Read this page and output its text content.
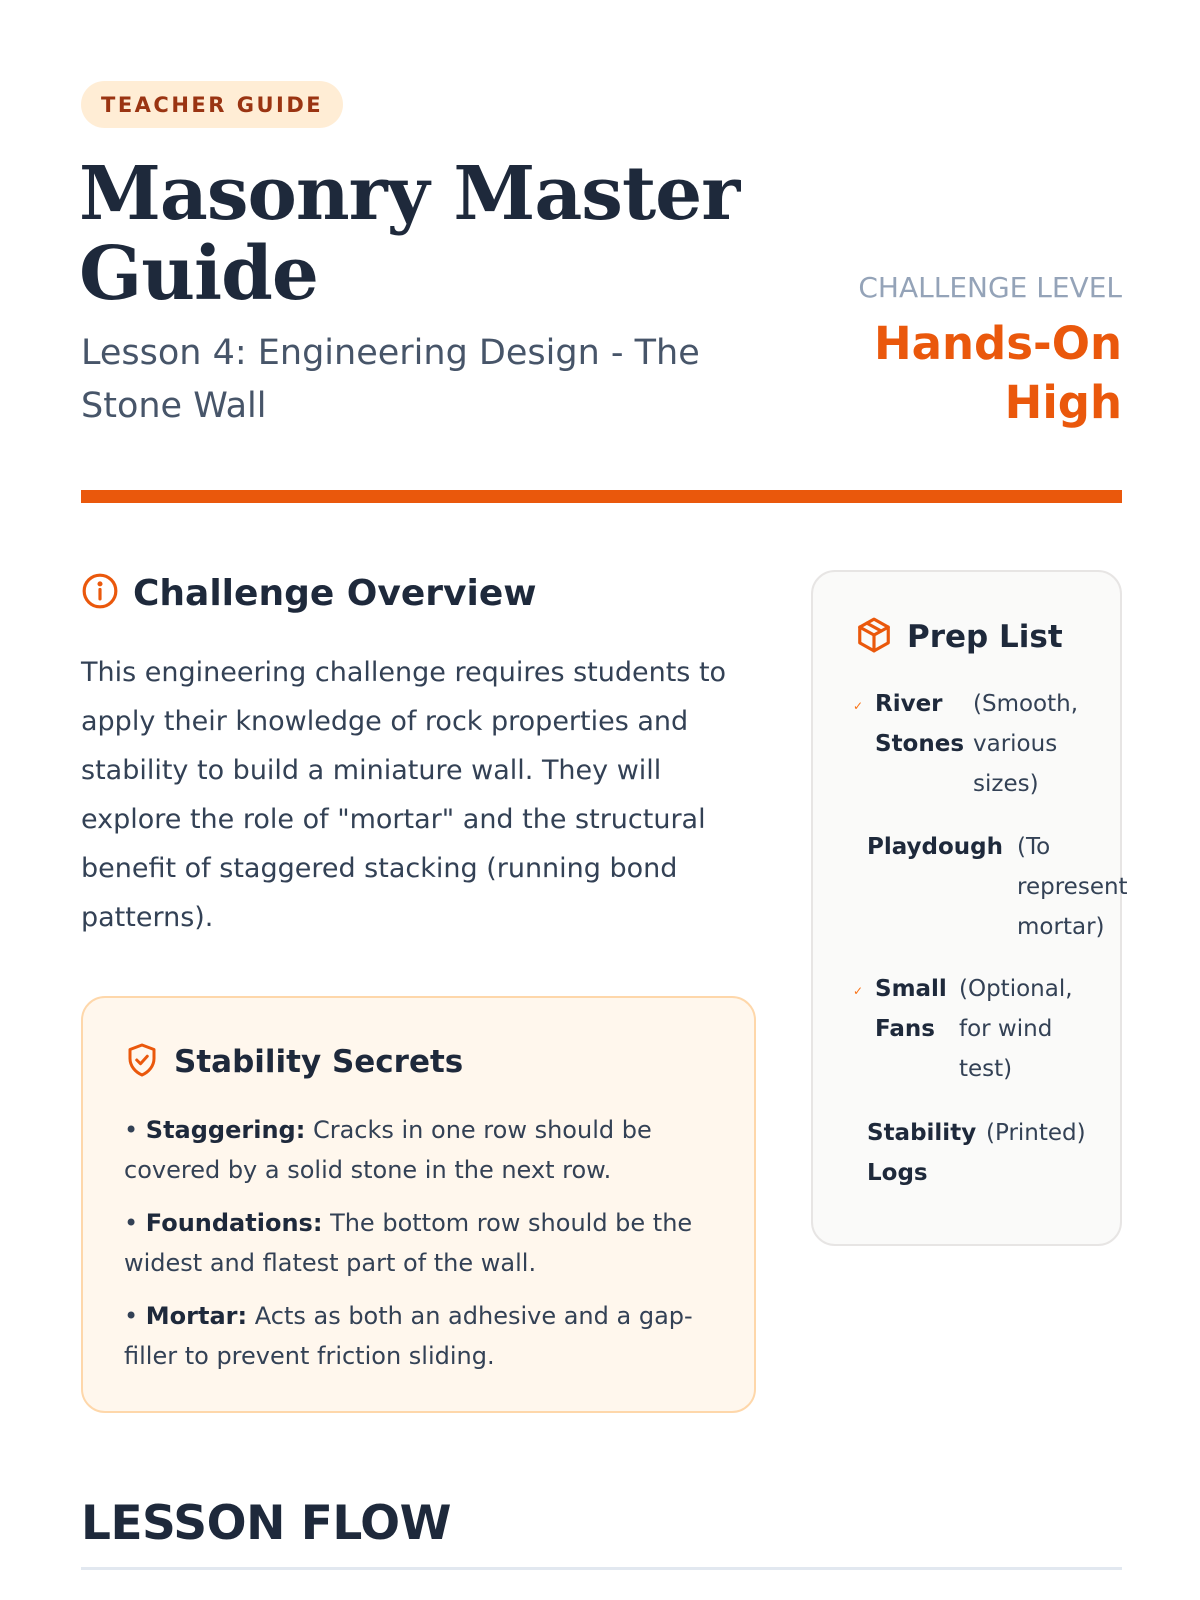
TEACHER GUIDE
Masonry Master Guide

Lesson 4: Engineering Design - The Stone Wall

CHALLENGE LEVEL
Hands-On High
Challenge Overview

This engineering challenge requires students to apply their knowledge of rock properties and stability to build a miniature wall. They will explore the role of "mortar" and the structural benefit of staggered stacking (running bond patterns).

Stability Secrets
• Staggering: Cracks in one row should be covered by a solid stone in the next row.
• Foundations: The bottom row should be the widest and flatest part of the wall.
• Mortar: Acts as both an adhesive and a gap-filler to prevent friction sliding.
Prep List
✓ River Stones
(Smooth, various sizes)
Playdough (To represent mortar)
✓ Small Fans
(Optional, for wind test)
Stability Logs
(Printed)
LESSON FLOW
